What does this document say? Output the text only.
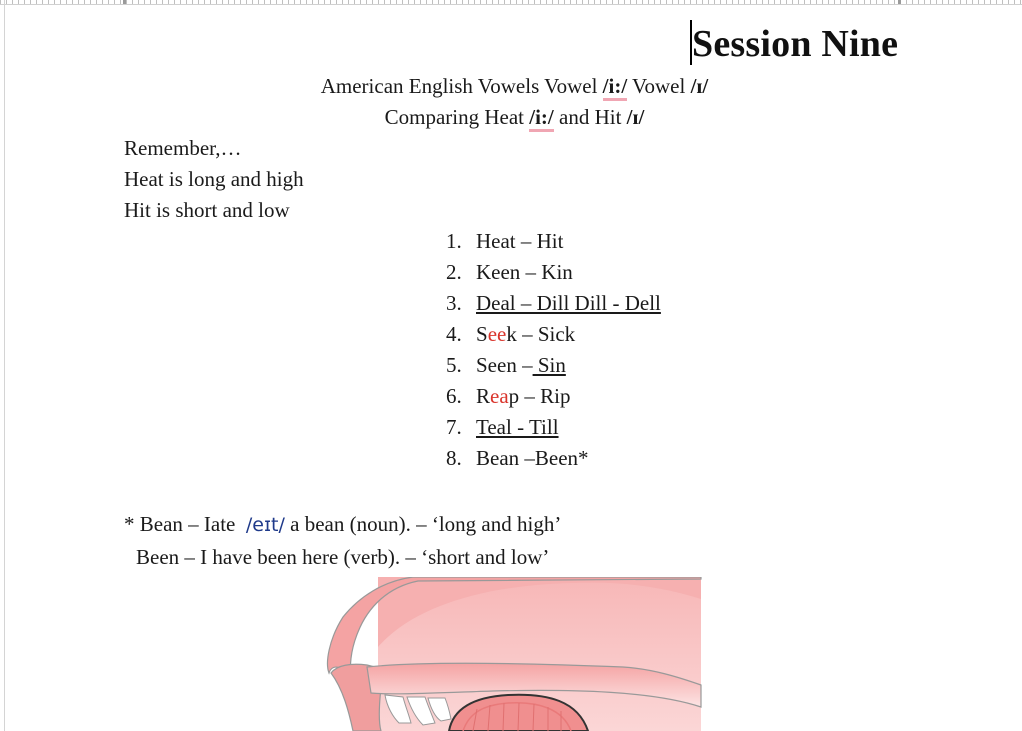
Session Nine
American English Vowels Vowel /i:/ Vowel /ɪ/
Comparing Heat /i:/ and Hit /ɪ/
Remember,…
Heat is long and high
Hit is short and low
1. Heat – Hit
2. Keen – Kin
3. Deal – Dill Dill - Dell
4. Seek – Sick
5. Seen – Sin
6. Reap – Rip
7. Teal - Till
8. Bean –Been*
* Bean – Iate  /eɪt/ a bean (noun). – ‘long and high’
Been – I have been here (verb). – ‘short and low’
